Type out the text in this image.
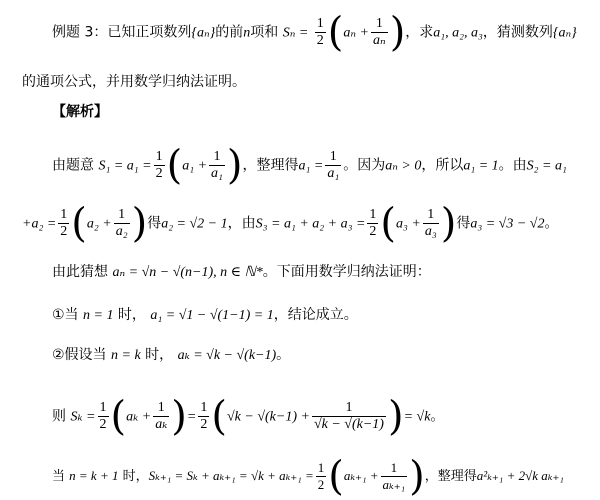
例题 3：已知正项数列{aₙ}的前n项和 $S_n = \frac{1}{2} (a_n + \frac{1}{\text{aₙ}}$ )，求a₁, a₂, a₃，猜测数列{aₙ}
的通项公式，并用数学归纳法证明。
【解析】
由题意 $S_1 = a_1 = \frac{1}{2} (a_1 + \frac{1}{\text{a₁}}$ )，整理得$a_1 = \frac{1}{\text{a₁}}$ 。因为aₙ > 0，所以a₁ = 1。由S₂ = a₁
$+a_2 = \frac{1}{2} (a_2 + \frac{1}{\text{a₂}}$ )得a₂ = √2 − 1，由$S_3 = a_1 + a_2 + a_3 = \frac{1}{2} (a_3 + \frac{1}{\text{a₃}}$ )得a₃ = √3 − √2。
由此猜想 aₙ = √n − √(n−1), n ∈ ℕ*。下面用数学归纳法证明：
①当 n = 1 时， a₁ = √1 − √(1−1) = 1，结论成立。
②假设当 n = k 时， aₖ = √k − √(k−1)。
则 $S_k = \frac{1}{2} (a_k + \frac{1}{\text{aₖ}}$ )= $\frac{1}{2} (√k - √(k-1) + \frac{1}{√k - √(k-1)}$ )= √k。
当 n = k + 1 时，$S_{k+1} = S_k + a_{k+1} = √k + a_{k+1} = \frac{1}{2} (a_{k+1} + \frac{1}{\text{aₖ₊₁}}$ )，整理得a²ₖ₊₁ + 2√k aₖ₊₁
